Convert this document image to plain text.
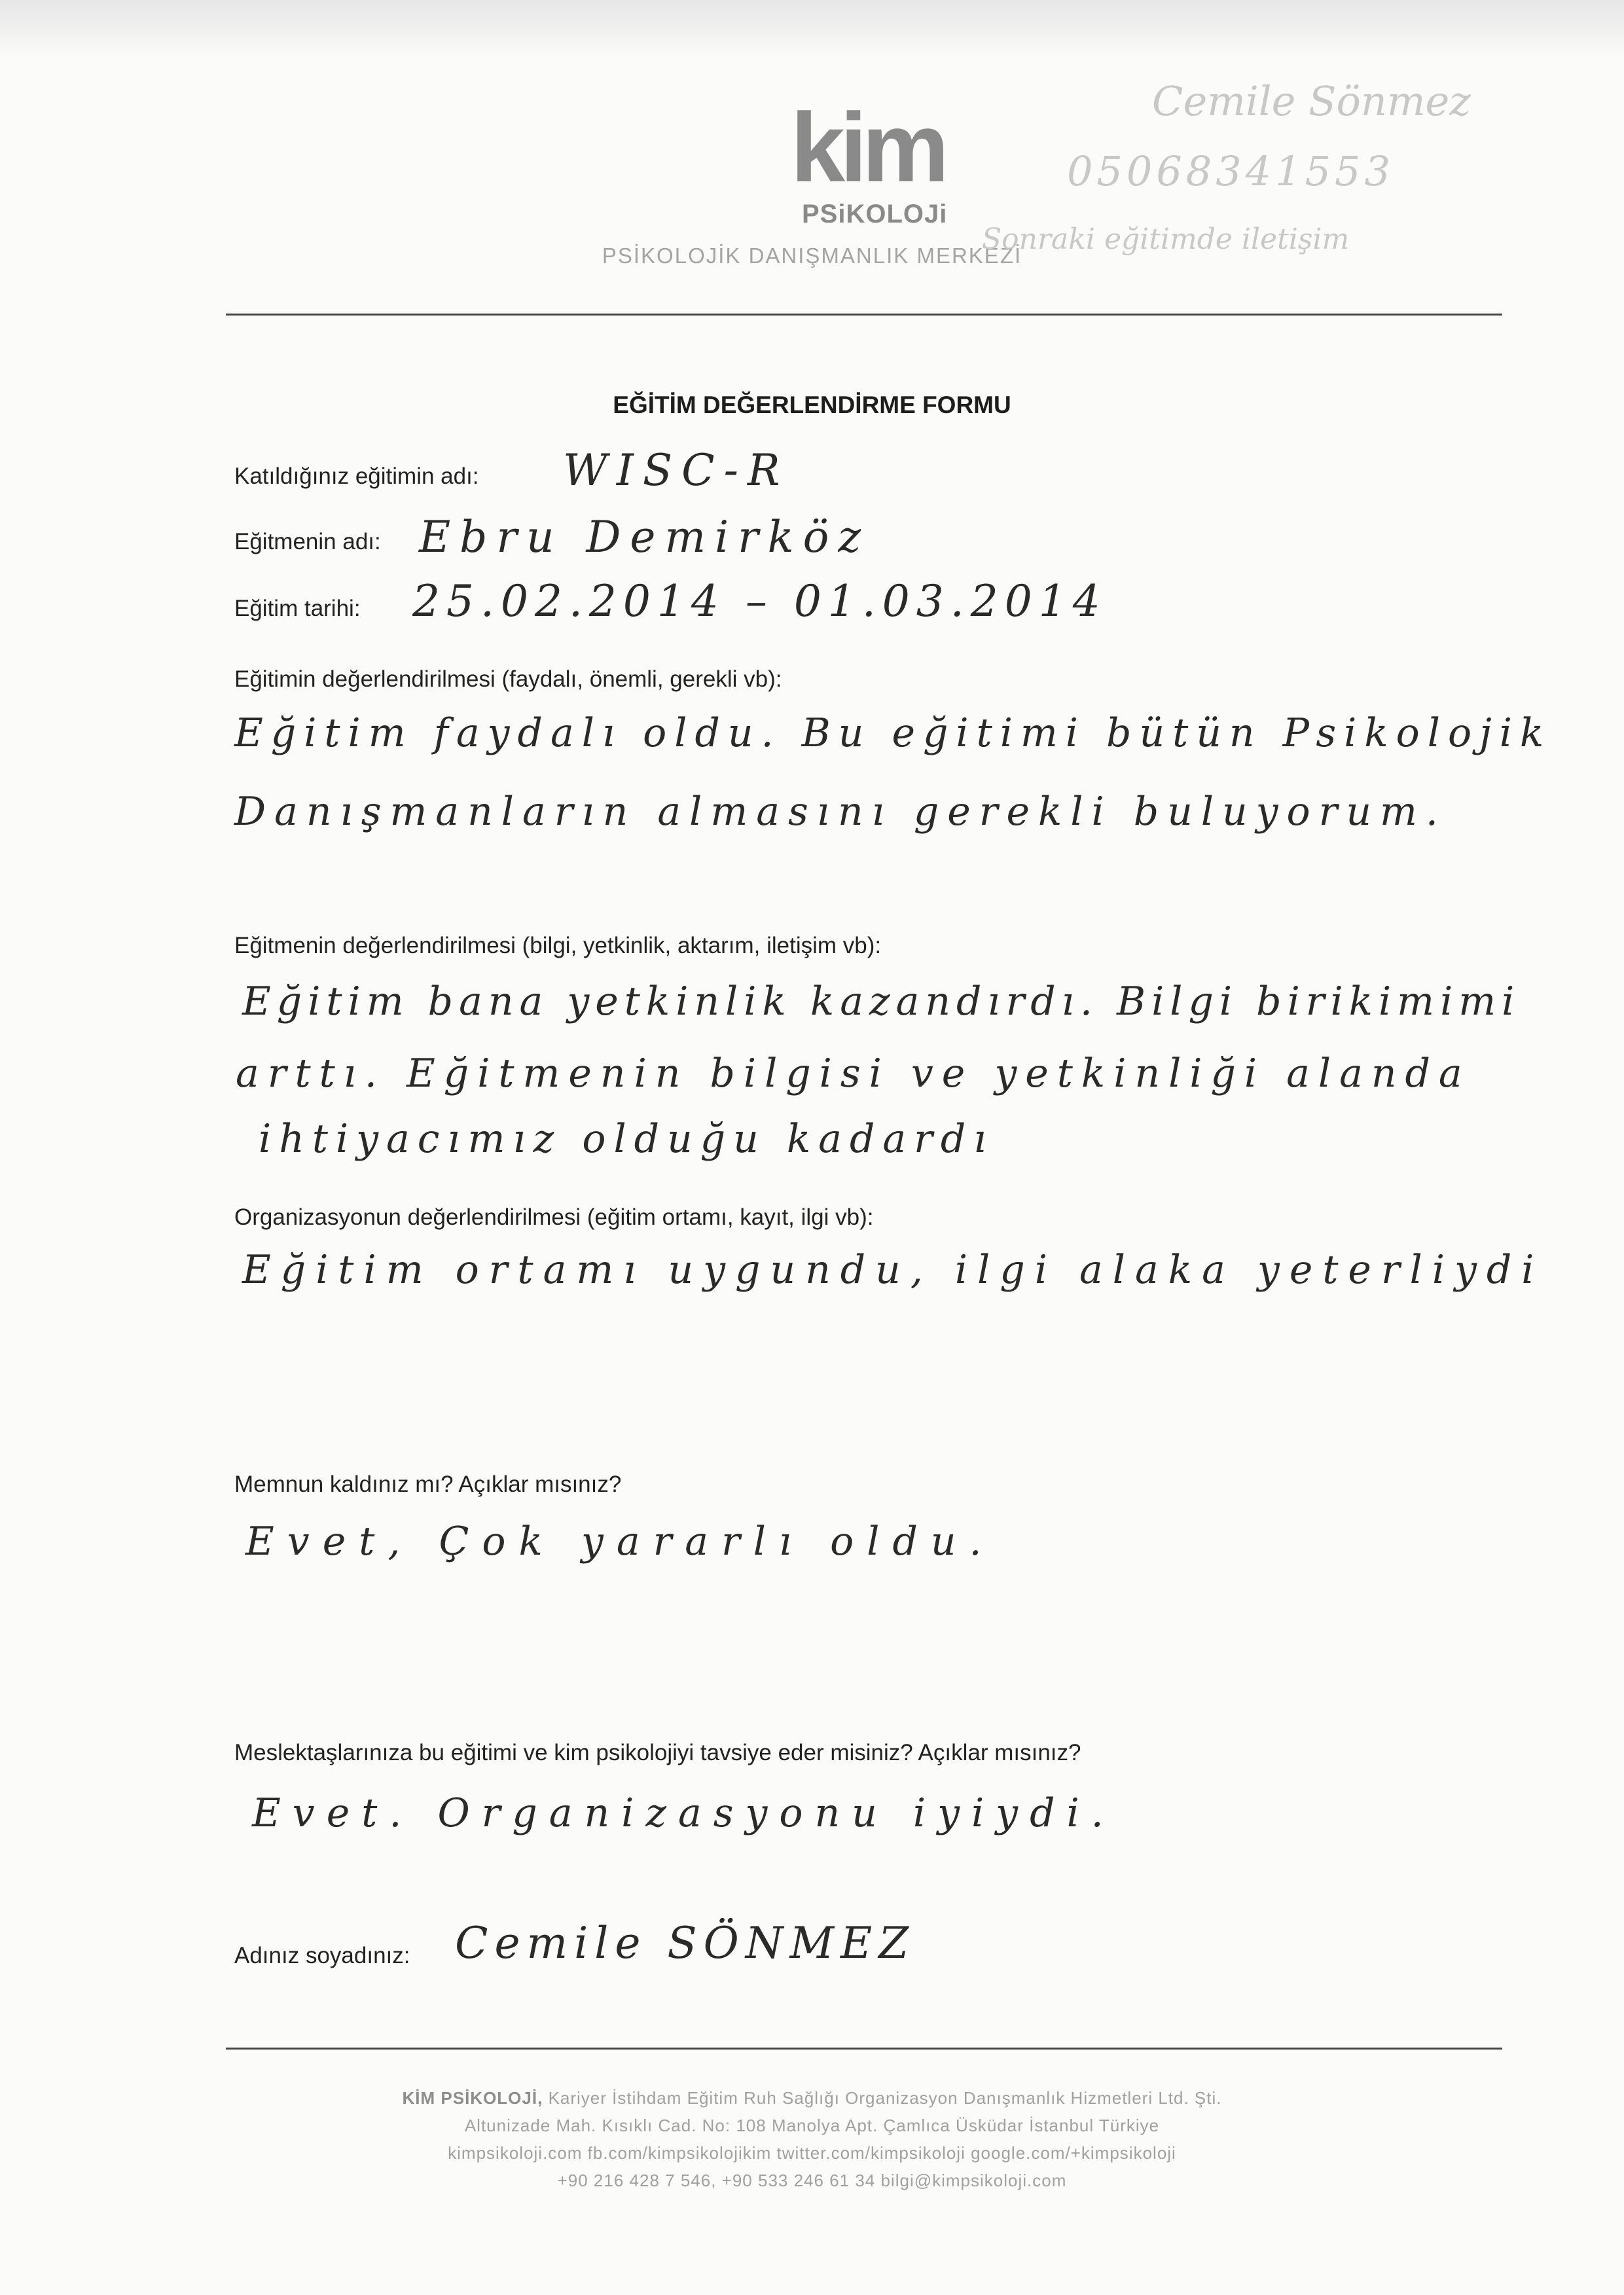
kim
PSiKOLOJi
PSİKOLOJİK DANIŞMANLIK MERKEZİ
Cemile Sönmez
05068341553
Sonraki eğitimde iletişim
EĞİTİM DEĞERLENDİRME FORMU
Katıldığınız eğitimin adı: WISC-R
Eğitmenin adı: Ebru Demirköz
Eğitim tarihi: 25.02.2014 – 01.03.2014
Eğitimin değerlendirilmesi (faydalı, önemli, gerekli vb):
Eğitim faydalı oldu. Bu eğitimi bütün Psikolojik
Danışmanların almasını gerekli buluyorum.
Eğitmenin değerlendirilmesi (bilgi, yetkinlik, aktarım, iletişim vb):
Eğitim bana yetkinlik kazandırdı. Bilgi birikimimi
arttı. Eğitmenin bilgisi ve yetkinliği alanda
ihtiyacımız olduğu kadardı
Organizasyonun değerlendirilmesi (eğitim ortamı, kayıt, ilgi vb):
Eğitim ortamı uygundu, ilgi alaka yeterliydi
Memnun kaldınız mı? Açıklar mısınız?
Evet, Çok yararlı oldu.
Meslektaşlarınıza bu eğitimi ve kim psikolojiyi tavsiye eder misiniz? Açıklar mısınız?
Evet. Organizasyonu iyiydi.
Adınız soyadınız: Cemile SÖNMEZ
KİM PSİKOLOJİ, Kariyer İstihdam Eğitim Ruh Sağlığı Organizasyon Danışmanlık Hizmetleri Ltd. Şti.
Altunizade Mah. Kısıklı Cad. No: 108 Manolya Apt. Çamlıca Üsküdar İstanbul Türkiye
kimpsikoloji.com fb.com/kimpsikolojikim twitter.com/kimpsikoloji google.com/+kimpsikoloji
+90 216 428 7 546, +90 533 246 61 34 bilgi@kimpsikoloji.com
